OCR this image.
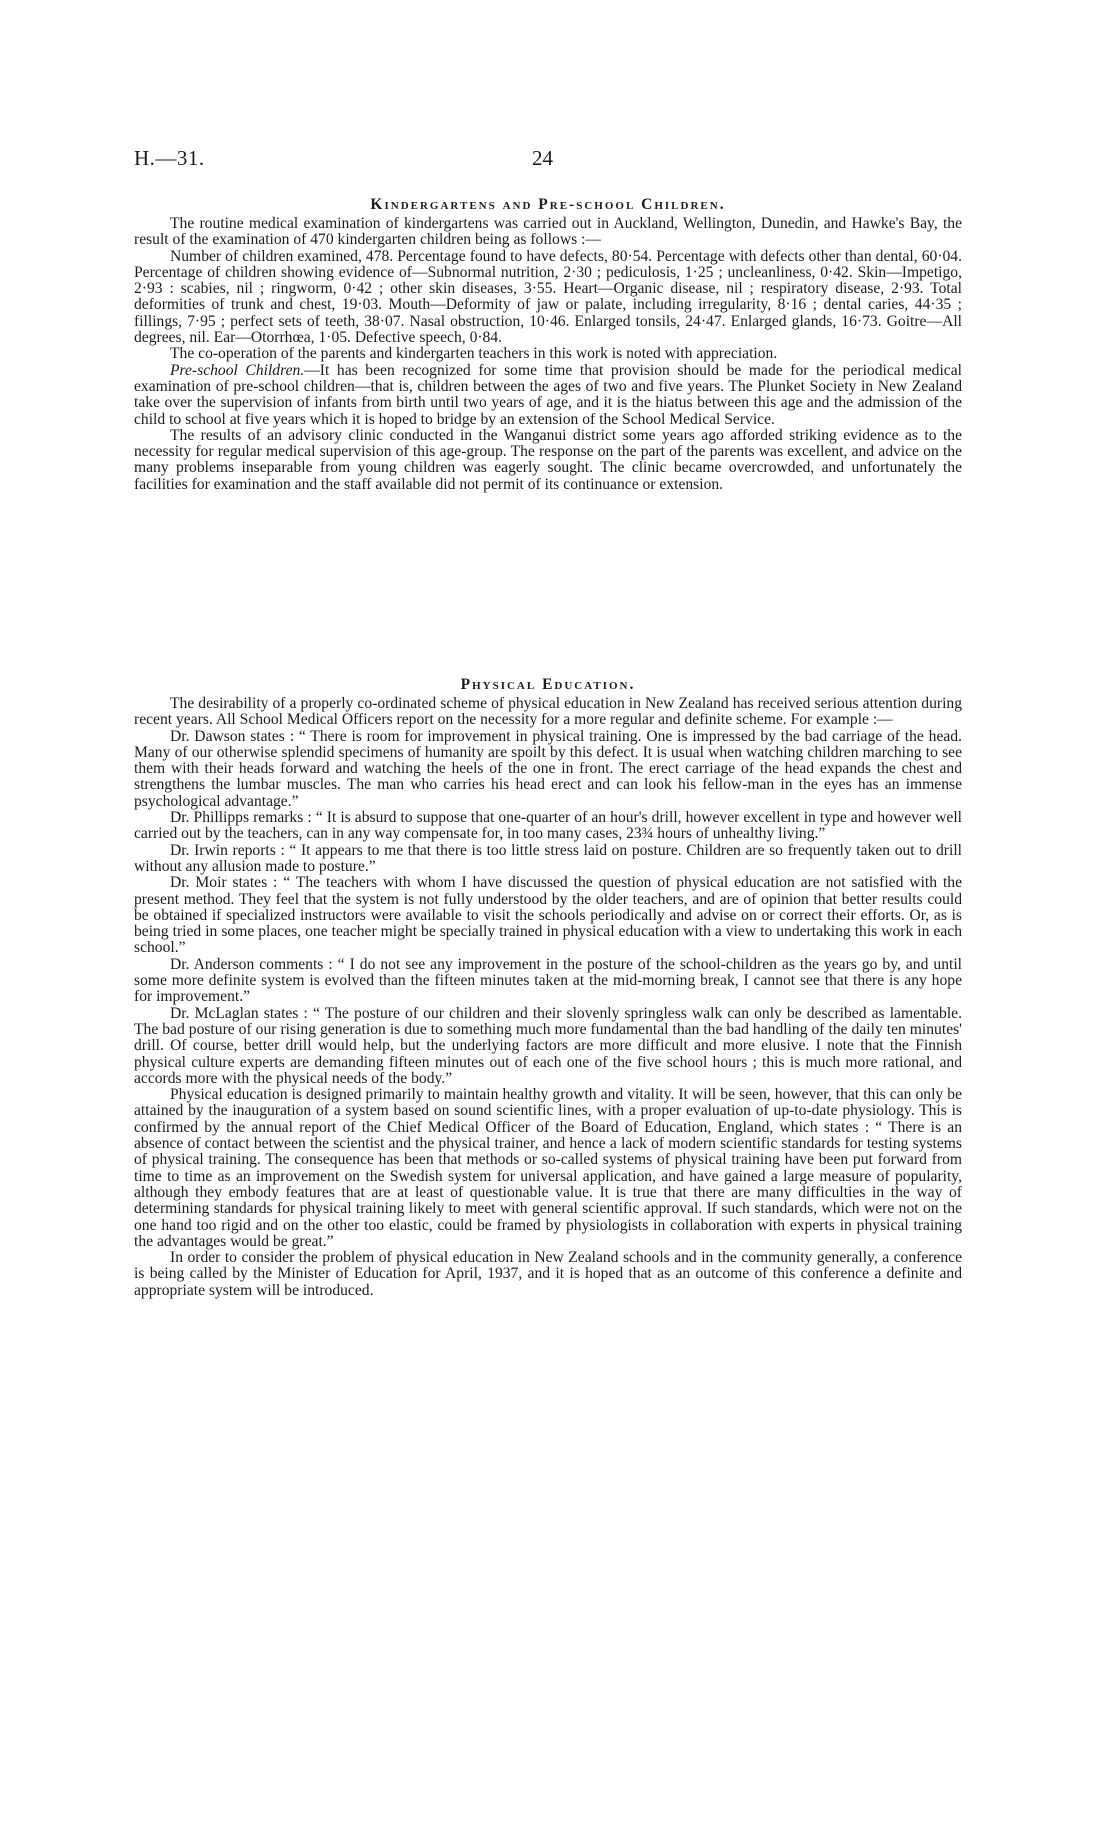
H.—31.	24
Kindergartens and Pre-school Children.

The routine medical examination of kindergartens was carried out in Auckland, Wellington, Dunedin, and Hawke's Bay, the result of the examination of 470 kindergarten children being as follows :—

Number of children examined, 478. Percentage found to have defects, 80·54. Percentage with defects other than dental, 60·04. Percentage of children showing evidence of—Subnormal nutrition, 2·30 ; pediculosis, 1·25 ; uncleanliness, 0·42. Skin—Impetigo, 2·93 : scabies, nil ; ringworm, 0·42 ; other skin diseases, 3·55. Heart—Organic disease, nil ; respiratory disease, 2·93. Total deformities of trunk and chest, 19·03. Mouth—Deformity of jaw or palate, including irregularity, 8·16 ; dental caries, 44·35 ; fillings, 7·95 ; perfect sets of teeth, 38·07. Nasal obstruction, 10·46. Enlarged tonsils, 24·47. Enlarged glands, 16·73. Goitre—All degrees, nil. Ear—Otorrhœa, 1·05. Defective speech, 0·84.

The co-operation of the parents and kindergarten teachers in this work is noted with appreciation.

Pre-school Children.—It has been recognized for some time that provision should be made for the periodical medical examination of pre-school children—that is, children between the ages of two and five years. The Plunket Society in New Zealand take over the supervision of infants from birth until two years of age, and it is the hiatus between this age and the admission of the child to school at five years which it is hoped to bridge by an extension of the School Medical Service.

The results of an advisory clinic conducted in the Wanganui district some years ago afforded striking evidence as to the necessity for regular medical supervision of this age-group. The response on the part of the parents was excellent, and advice on the many problems inseparable from young children was eagerly sought. The clinic became overcrowded, and unfortunately the facilities for examination and the staff available did not permit of its continuance or extension.

Physical Education.

The desirability of a properly co-ordinated scheme of physical education in New Zealand has received serious attention during recent years. All School Medical Officers report on the necessity for a more regular and definite scheme. For example :—

Dr. Dawson states : “ There is room for improvement in physical training. One is impressed by the bad carriage of the head. Many of our otherwise splendid specimens of humanity are spoilt by this defect. It is usual when watching children marching to see them with their heads forward and watching the heels of the one in front. The erect carriage of the head expands the chest and strengthens the lumbar muscles. The man who carries his head erect and can look his fellow-man in the eyes has an immense psychological advantage.”

Dr. Phillipps remarks : “ It is absurd to suppose that one-quarter of an hour's drill, however excellent in type and however well carried out by the teachers, can in any way compensate for, in too many cases, 23¾ hours of unhealthy living.”

Dr. Irwin reports : “ It appears to me that there is too little stress laid on posture. Children are so frequently taken out to drill without any allusion made to posture.”

Dr. Moir states : “ The teachers with whom I have discussed the question of physical education are not satisfied with the present method. They feel that the system is not fully understood by the older teachers, and are of opinion that better results could be obtained if specialized instructors were available to visit the schools periodically and advise on or correct their efforts. Or, as is being tried in some places, one teacher might be specially trained in physical education with a view to undertaking this work in each school.”

Dr. Anderson comments : “ I do not see any improvement in the posture of the school-children as the years go by, and until some more definite system is evolved than the fifteen minutes taken at the mid-morning break, I cannot see that there is any hope for improvement.”

Dr. McLaglan states : “ The posture of our children and their slovenly springless walk can only be described as lamentable. The bad posture of our rising generation is due to something much more fundamental than the bad handling of the daily ten minutes' drill. Of course, better drill would help, but the underlying factors are more difficult and more elusive. I note that the Finnish physical culture experts are demanding fifteen minutes out of each one of the five school hours ; this is much more rational, and accords more with the physical needs of the body.”

Physical education is designed primarily to maintain healthy growth and vitality. It will be seen, however, that this can only be attained by the inauguration of a system based on sound scientific lines, with a proper evaluation of up-to-date physiology. This is confirmed by the annual report of the Chief Medical Officer of the Board of Education, England, which states : “ There is an absence of contact between the scientist and the physical trainer, and hence a lack of modern scientific standards for testing systems of physical training. The consequence has been that methods or so-called systems of physical training have been put forward from time to time as an improvement on the Swedish system for universal application, and have gained a large measure of popularity, although they embody features that are at least of questionable value. It is true that there are many difficulties in the way of determining standards for physical training likely to meet with general scientific approval. If such standards, which were not on the one hand too rigid and on the other too elastic, could be framed by physiologists in collaboration with experts in physical training the advantages would be great.”

In order to consider the problem of physical education in New Zealand schools and in the community generally, a conference is being called by the Minister of Education for April, 1937, and it is hoped that as an outcome of this conference a definite and appropriate system will be introduced.
